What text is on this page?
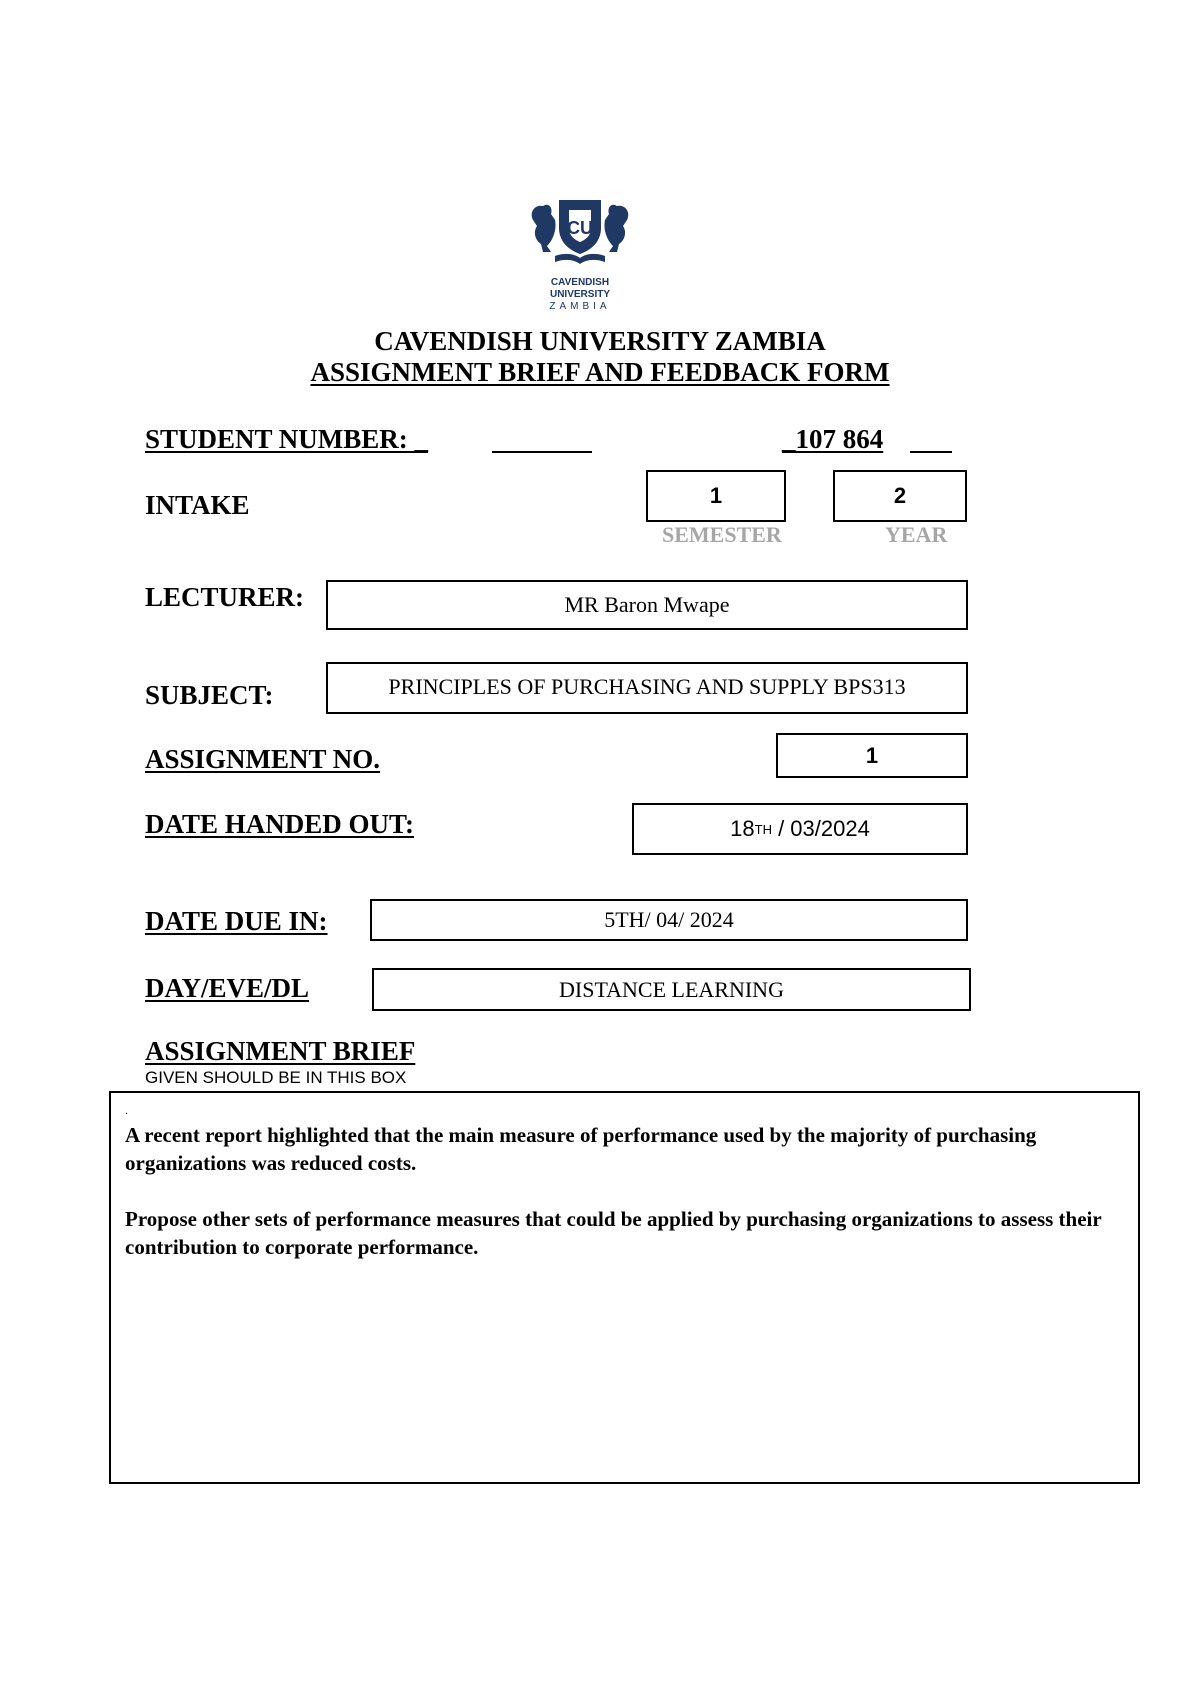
CU
CAVENDISH
UNIVERSITY
ZAMBIA
CAVENDISH UNIVERSITY ZAMBIA
ASSIGNMENT BRIEF AND FEEDBACK FORM
STUDENT NUMBER: _	_107 864
INTAKE	1
SEMESTER
2
YEAR
LECTURER:	MR Baron Mwape
SUBJECT:	PRINCIPLES OF PURCHASING AND SUPPLY BPS313
ASSIGNMENT NO.	1
DATE HANDED OUT:	18 TH / 03/2024
DATE DUE IN:	5TH/ 04/ 2024
DAY/EVE/DL	DISTANCE LEARNING
ASSIGNMENT BRIEF
GIVEN SHOULD BE IN THIS BOX
.

A recent report highlighted that the main measure of performance used by the majority of purchasing organizations was reduced costs.

Propose other sets of performance measures that could be applied by purchasing organizations to assess their contribution to corporate performance.
